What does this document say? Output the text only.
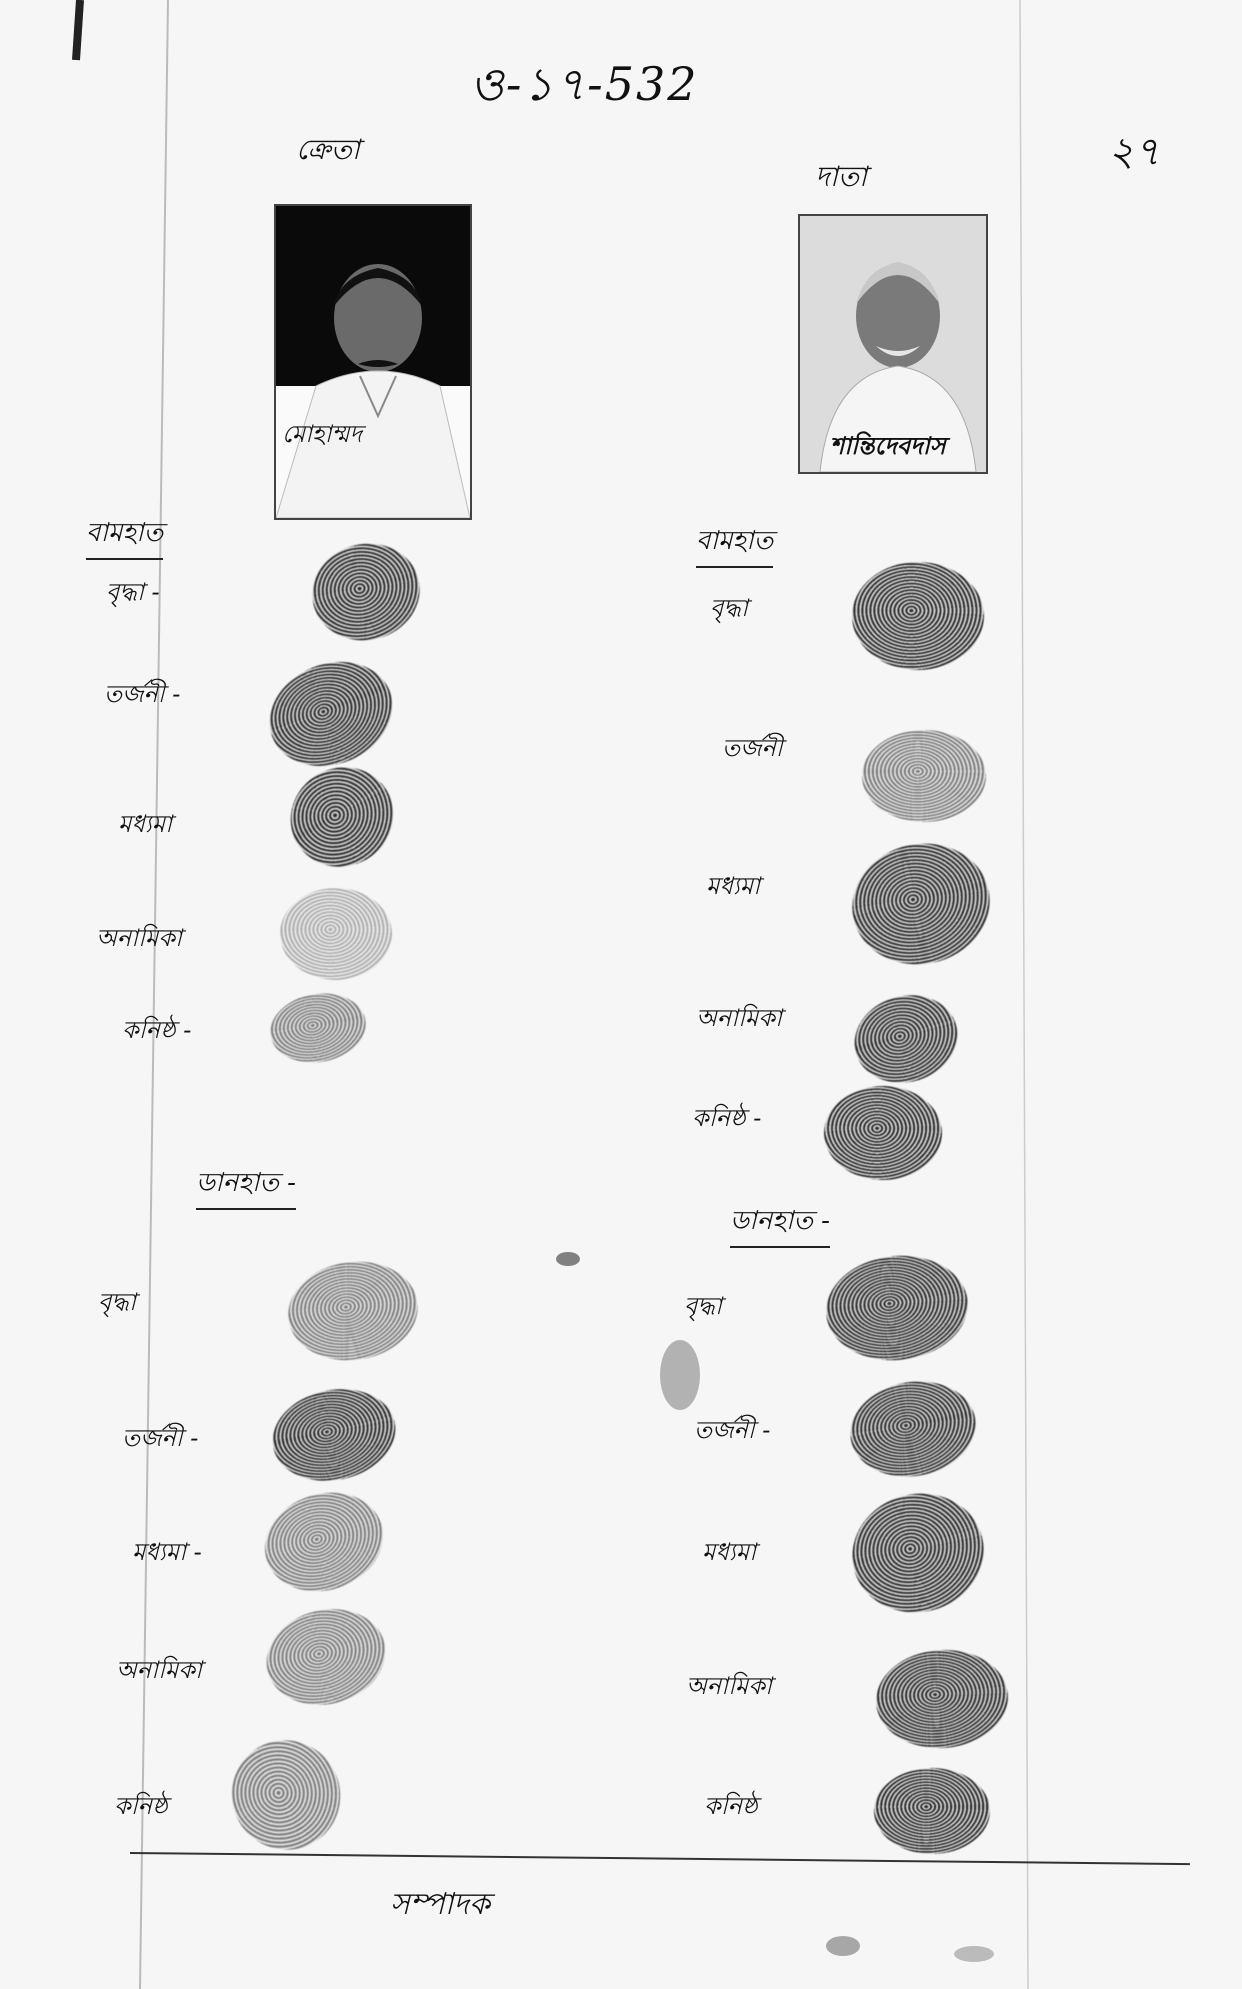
ও-১৭-532
২৭
ক্রেতা
দাতা
মোহাম্মদ	শান্তিদেবদাস
বামহাত
বৃদ্ধা -
তর্জনী -
মধ্যমা
অনামিকা
কনিষ্ঠ -
ডানহাত -
বৃদ্ধা
তর্জনী -
মধ্যমা -
অনামিকা
কনিষ্ঠ
বামহাত
বৃদ্ধা
তর্জনী
মধ্যমা
অনামিকা
কনিষ্ঠ -
ডানহাত -
বৃদ্ধা
তর্জনী -
মধ্যমা
অনামিকা
কনিষ্ঠ
সম্পাদক
